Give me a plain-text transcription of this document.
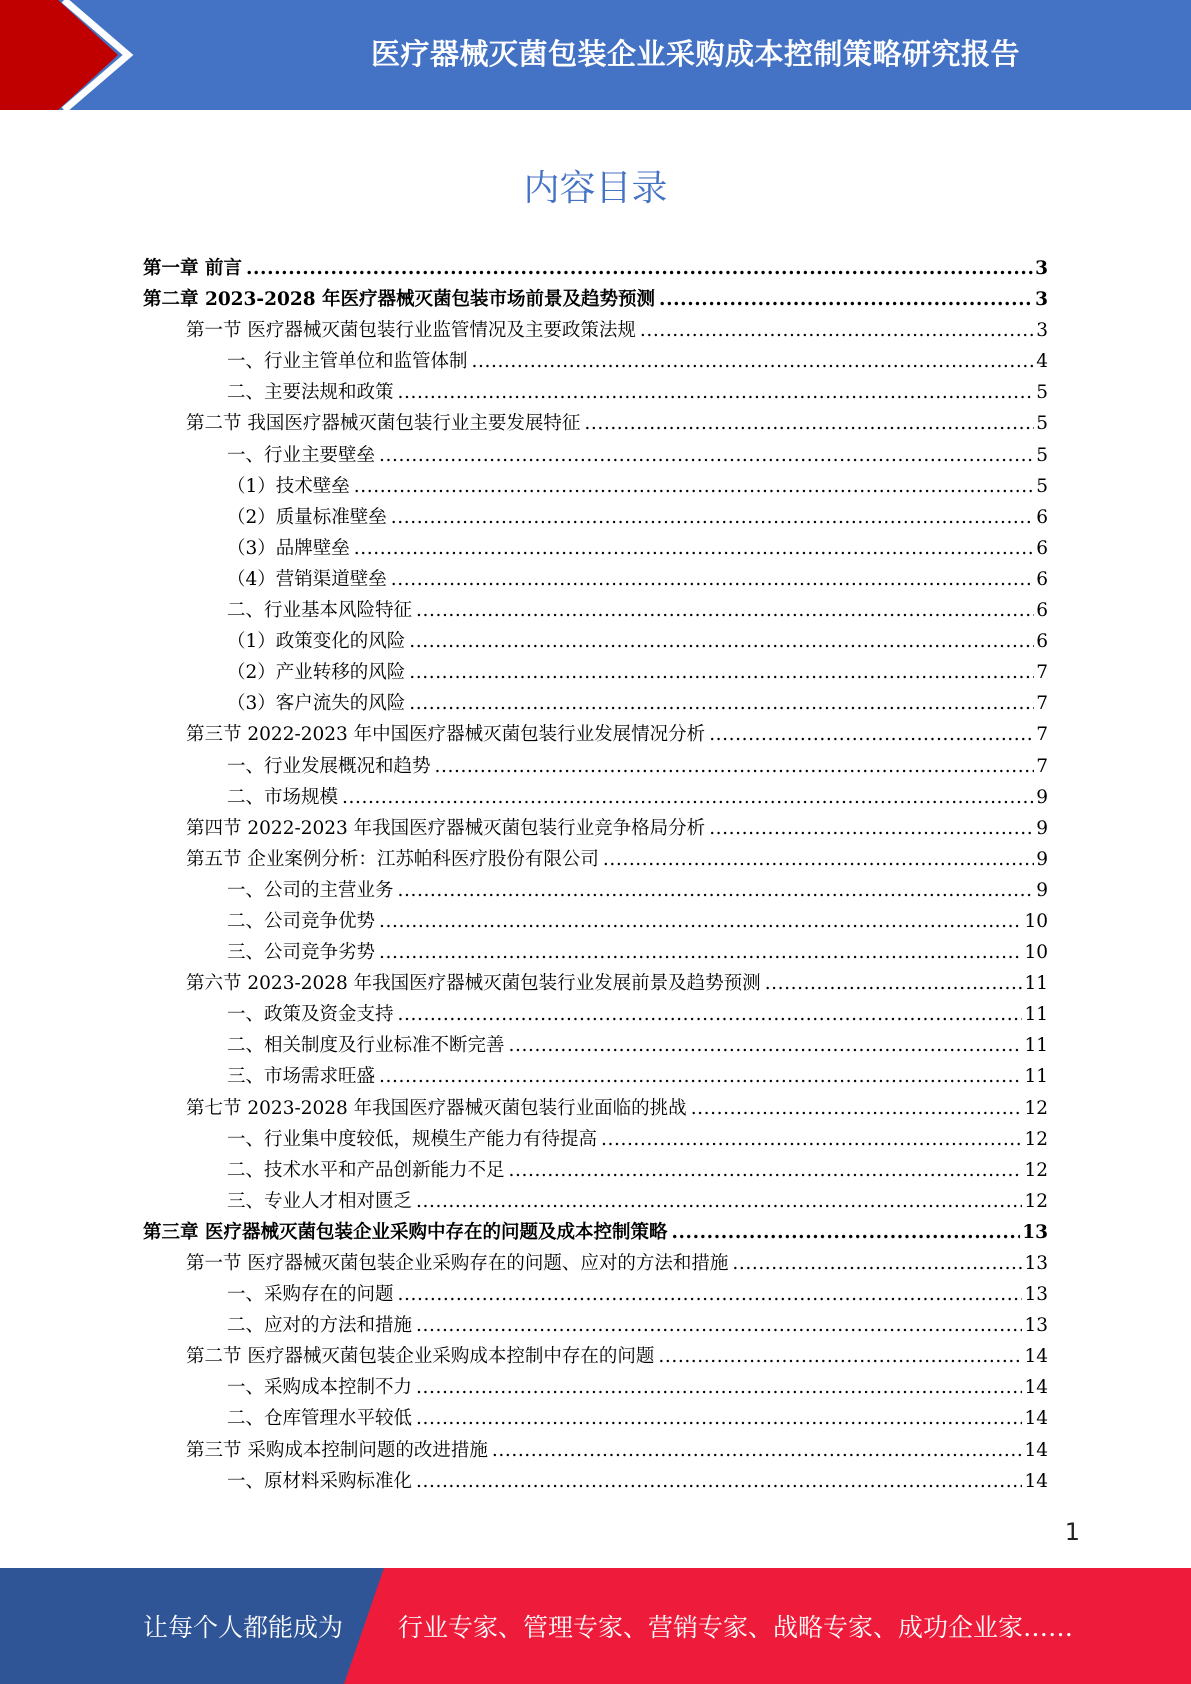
医疗器械灭菌包装企业采购成本控制策略研究报告
内容目录
第一章 前言 .....	3
第二章 2023-2028 年医疗器械灭菌包装市场前景及趋势预测 .....	3
第一节 医疗器械灭菌包装行业监管情况及主要政策法规 .....	3
一、行业主管单位和监管体制 .....	4
二、主要法规和政策 .....	5
第二节 我国医疗器械灭菌包装行业主要发展特征 .....	5
一、行业主要壁垒 .....	5
（1）技术壁垒 .....	5
（2）质量标准壁垒 .....	6
（3）品牌壁垒 .....	6
（4）营销渠道壁垒 .....	6
二、行业基本风险特征 .....	6
（1）政策变化的风险 .....	6
（2）产业转移的风险 .....	7
（3）客户流失的风险 .....	7
第三节 2022-2023 年中国医疗器械灭菌包装行业发展情况分析 .....	7
一、行业发展概况和趋势 .....	7
二、市场规模 .....	9
第四节 2022-2023 年我国医疗器械灭菌包装行业竞争格局分析 .....	9
第五节 企业案例分析：江苏帕科医疗股份有限公司 .....	9
一、公司的主营业务 .....	9
二、公司竞争优势 .....	10
三、公司竞争劣势 .....	10
第六节 2023-2028 年我国医疗器械灭菌包装行业发展前景及趋势预测 .....	11
一、政策及资金支持 .....	11
二、相关制度及行业标准不断完善 .....	11
三、市场需求旺盛 .....	11
第七节 2023-2028 年我国医疗器械灭菌包装行业面临的挑战 .....	12
一、行业集中度较低，规模生产能力有待提高 .....	12
二、技术水平和产品创新能力不足 .....	12
三、专业人才相对匮乏 .....	12
第三章 医疗器械灭菌包装企业采购中存在的问题及成本控制策略 .....	13
第一节 医疗器械灭菌包装企业采购存在的问题、应对的方法和措施 .....	13
一、采购存在的问题 .....	13
二、应对的方法和措施 .....	13
第二节 医疗器械灭菌包装企业采购成本控制中存在的问题 .....	14
一、采购成本控制不力 .....	14
二、仓库管理水平较低 .....	14
第三节 采购成本控制问题的改进措施 .....	14
一、原材料采购标准化 .....	14
1
让每个人都能成为 行业专家、管理专家、营销专家、战略专家、成功企业家……
